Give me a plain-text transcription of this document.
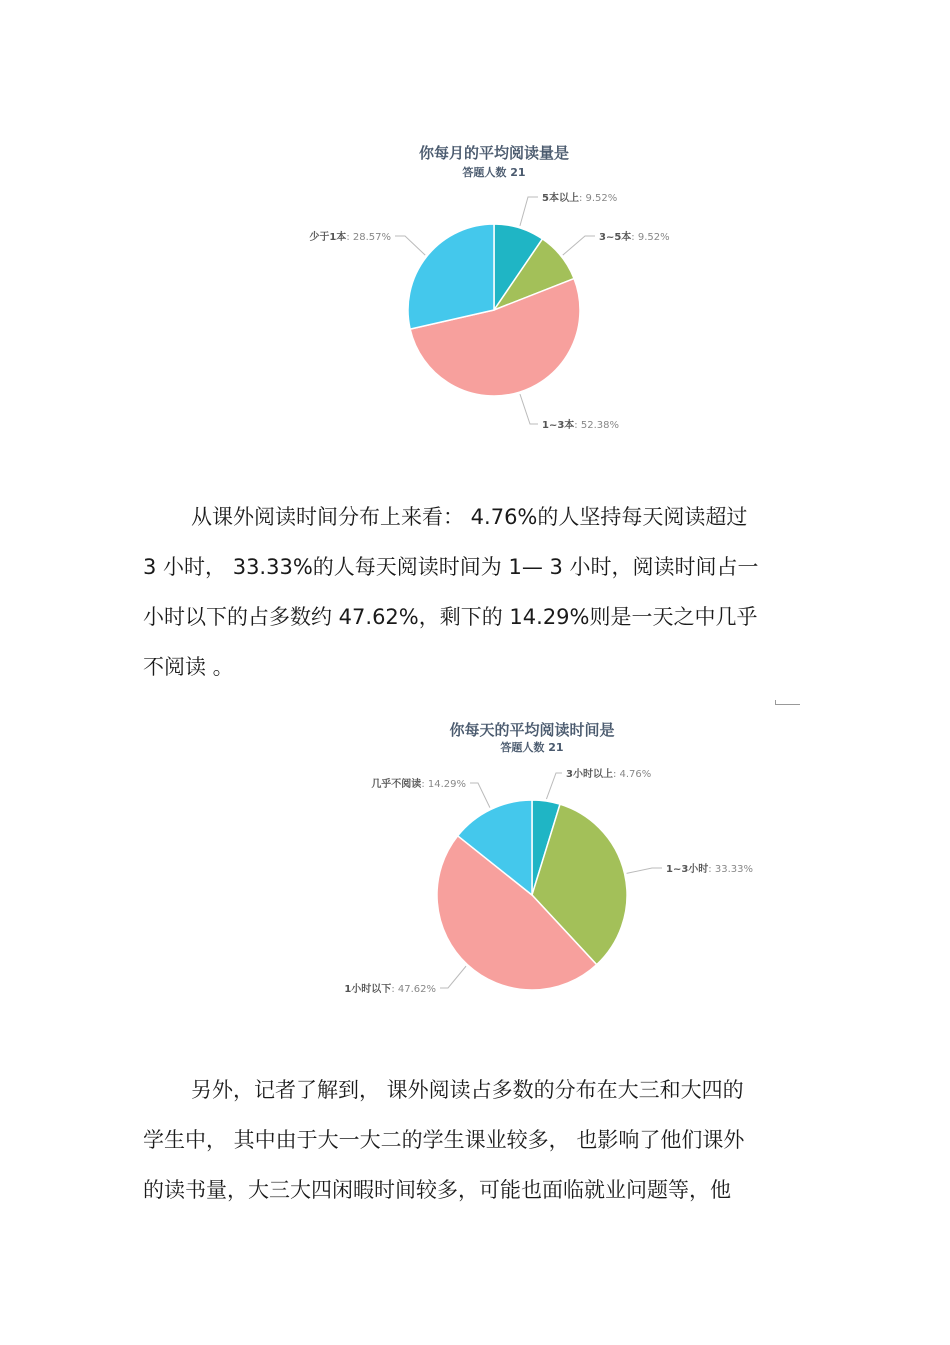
你每月的平均阅读量是
答题人数 21
5本以上: 9.52%
3~5本: 9.52%
1~3本: 52.38%
少于1本: 28.57%

从课外阅读时间分布上来看： 4.76%的人坚持每天阅读超过

3 小时， 33.33%的人每天阅读时间为 1— 3 小时，阅读时间占一

小时以下的占多数约 47.62%，剩下的 14.29%则是一天之中几乎

不阅读 。

你每天的平均阅读时间是
答题人数 21
3小时以上: 4.76%
1~3小时: 33.33%
1小时以下: 47.62%
几乎不阅读: 14.29%

另外，记者了解到， 课外阅读占多数的分布在大三和大四的

学生中， 其中由于大一大二的学生课业较多， 也影响了他们课外

的读书量，大三大四闲暇时间较多，可能也面临就业问题等，他
